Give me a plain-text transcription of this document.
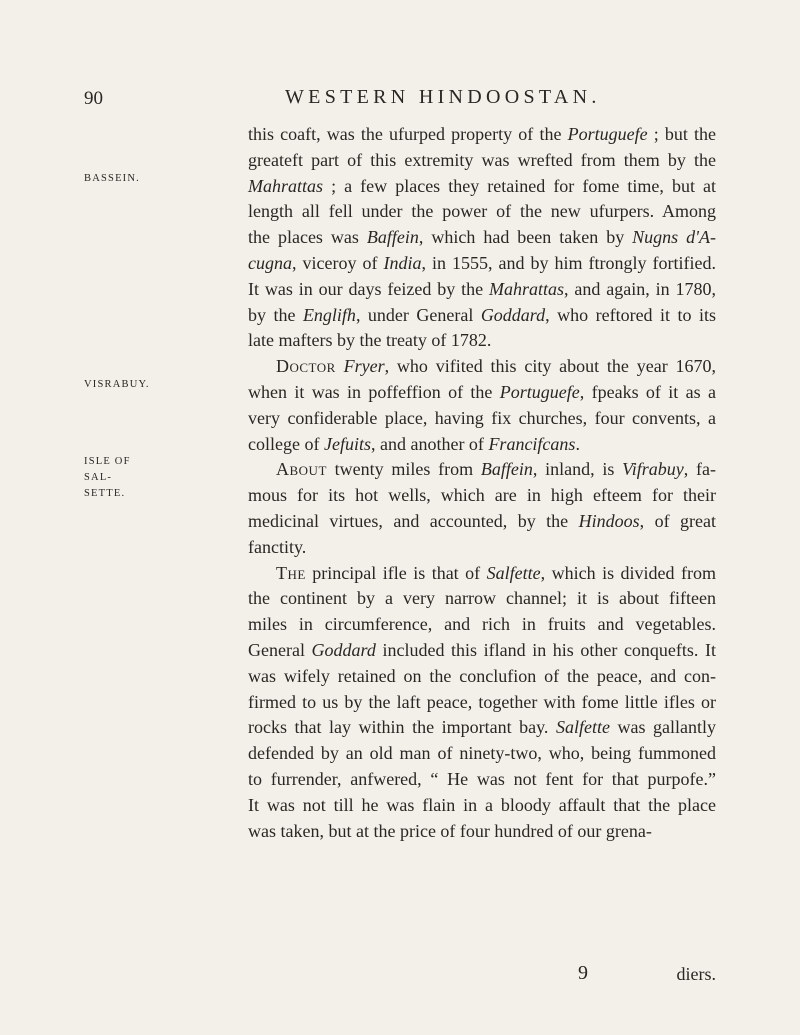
90	WESTERN HINDOOSTAN.
BASSEIN.
VISRABUY.
ISLE OF SAL-
SETTE.
this coaft, was the ufurped property of the Portuguefe ; but the
greateft part of this extremity was wrefted from them by the
Mahrattas ; a few places they retained for fome time, but at
length all fell under the power of the new ufurpers. Among
the places was Baffein, which had been taken by Nugns d'A-
cugna, viceroy of India, in 1555, and by him ftrongly fortified.
It was in our days feized by the Mahrattas, and again, in 1780,
by the Englifh, under General Goddard, who reftored it to its
late mafters by the treaty of 1782.
Doctor Fryer, who vifited this city about the year 1670,
when it was in poffeffion of the Portuguefe, fpeaks of it as a
very confiderable place, having fix churches, four convents, a
college of Jefuits, and another of Francifcans.
About twenty miles from Baffein, inland, is Vifrabuy, fa-
mous for its hot wells, which are in high efteem for their
medicinal virtues, and accounted, by the Hindoos, of great
fanctity.
The principal ifle is that of Salfette, which is divided from
the continent by a very narrow channel; it is about fifteen
miles in circumference, and rich in fruits and vegetables.
General Goddard included this ifland in his other conquefts. It
was wifely retained on the conclufion of the peace, and con-
firmed to us by the laft peace, together with fome little ifles or
rocks that lay within the important bay. Salfette was gallantly
defended by an old man of ninety-two, who, being fummoned
to furrender, anfwered, “ He was not fent for that purpofe.”
It was not till he was flain in a bloody affault that the place
was taken, but at the price of four hundred of our grena-
9	diers.
